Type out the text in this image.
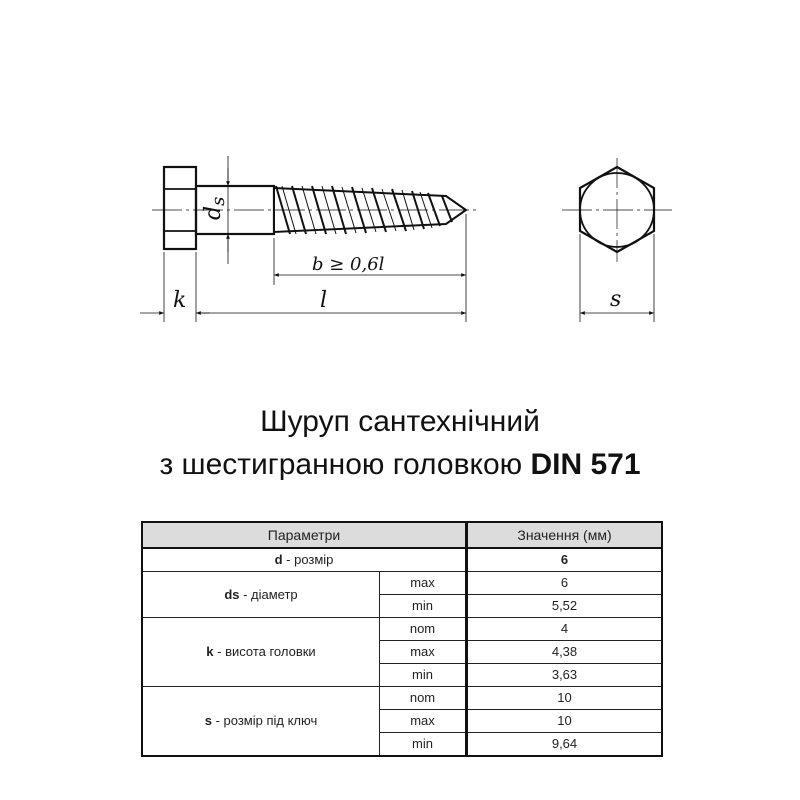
ds
b ≥ 0,6l
k	l	s
Шуруп сантехнічний
з шестигранною головкою DIN 571
Параметри		Значення (мм)
d - розмір		6
ds - діаметр	max	6
	min	5,52
k - висота головки	nom	4
	max	4,38
	min	3,63
s - розмір під ключ	nom	10
	max	10
	min	9,64
